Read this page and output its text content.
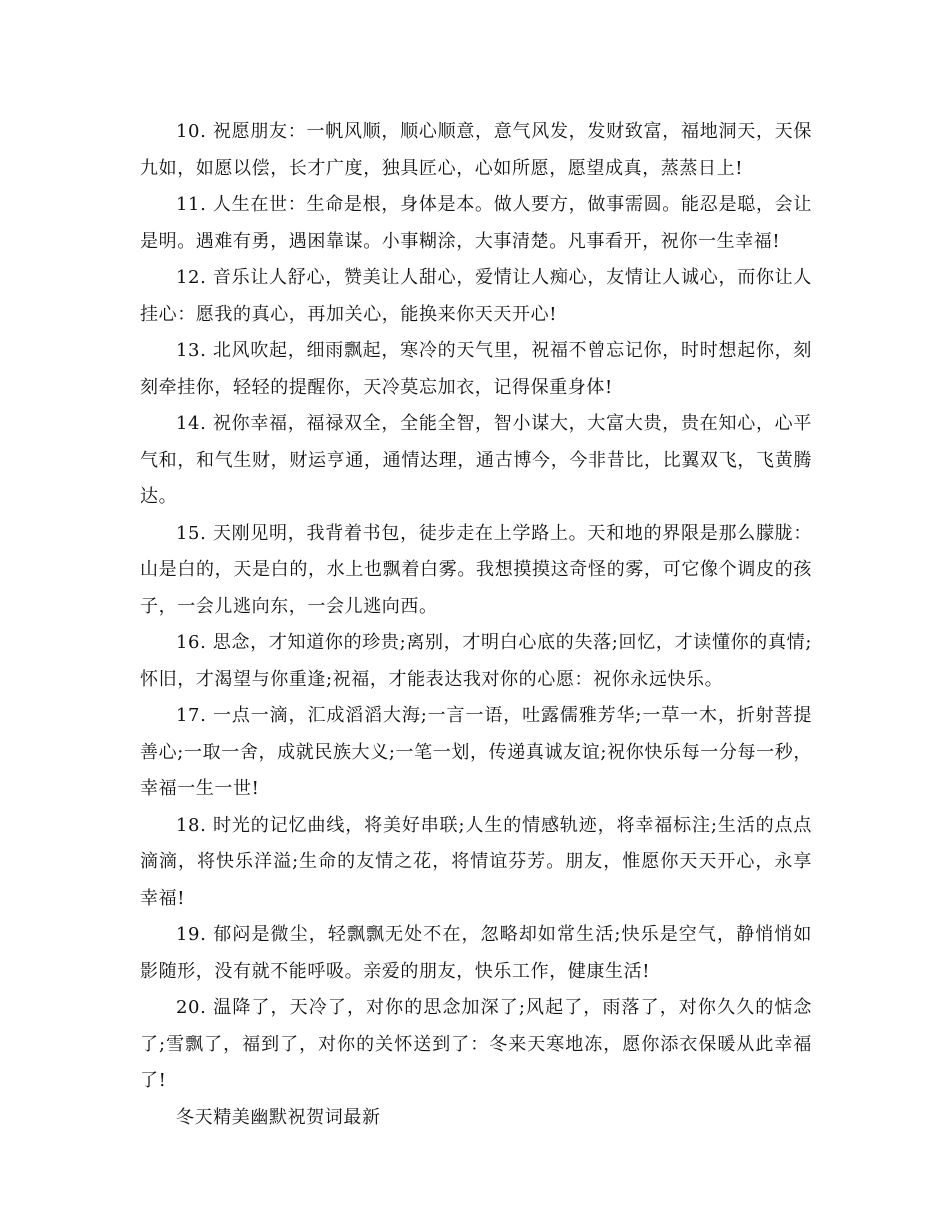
10. 祝愿朋友：一帆风顺，顺心顺意，意气风发，发财致富，福地洞天，天保九如，如愿以偿，长才广度，独具匠心，心如所愿，愿望成真，蒸蒸日上!

11. 人生在世：生命是根，身体是本。做人要方，做事需圆。能忍是聪，会让是明。遇难有勇，遇困靠谋。小事糊涂，大事清楚。凡事看开，祝你一生幸福!

12. 音乐让人舒心，赞美让人甜心，爱情让人痴心，友情让人诚心，而你让人挂心：愿我的真心，再加关心，能换来你天天开心!

13. 北风吹起，细雨飘起，寒冷的天气里，祝福不曾忘记你，时时想起你，刻刻牵挂你，轻轻的提醒你，天冷莫忘加衣，记得保重身体!

14. 祝你幸福，福禄双全，全能全智，智小谋大，大富大贵，贵在知心，心平气和，和气生财，财运亨通，通情达理，通古博今，今非昔比，比翼双飞，飞黄腾达。

15. 天刚见明，我背着书包，徒步走在上学路上。天和地的界限是那么朦胧：山是白的，天是白的，水上也飘着白雾。我想摸摸这奇怪的雾，可它像个调皮的孩子，一会儿逃向东，一会儿逃向西。

16. 思念，才知道你的珍贵;离别，才明白心底的失落;回忆，才读懂你的真情;怀旧，才渴望与你重逢;祝福，才能表达我对你的心愿：祝你永远快乐。

17. 一点一滴，汇成滔滔大海;一言一语，吐露儒雅芳华;一草一木，折射菩提善心;一取一舍，成就民族大义;一笔一划，传递真诚友谊;祝你快乐每一分每一秒，幸福一生一世!

18. 时光的记忆曲线，将美好串联;人生的情感轨迹，将幸福标注;生活的点点滴滴，将快乐洋溢;生命的友情之花，将情谊芬芳。朋友，惟愿你天天开心，永享幸福!

19. 郁闷是微尘，轻飘飘无处不在，忽略却如常生活;快乐是空气，静悄悄如影随形，没有就不能呼吸。亲爱的朋友，快乐工作，健康生活!

20. 温降了，天冷了，对你的思念加深了;风起了，雨落了，对你久久的惦念了;雪飘了，福到了，对你的关怀送到了：冬来天寒地冻，愿你添衣保暖从此幸福了!

冬天精美幽默祝贺词最新
